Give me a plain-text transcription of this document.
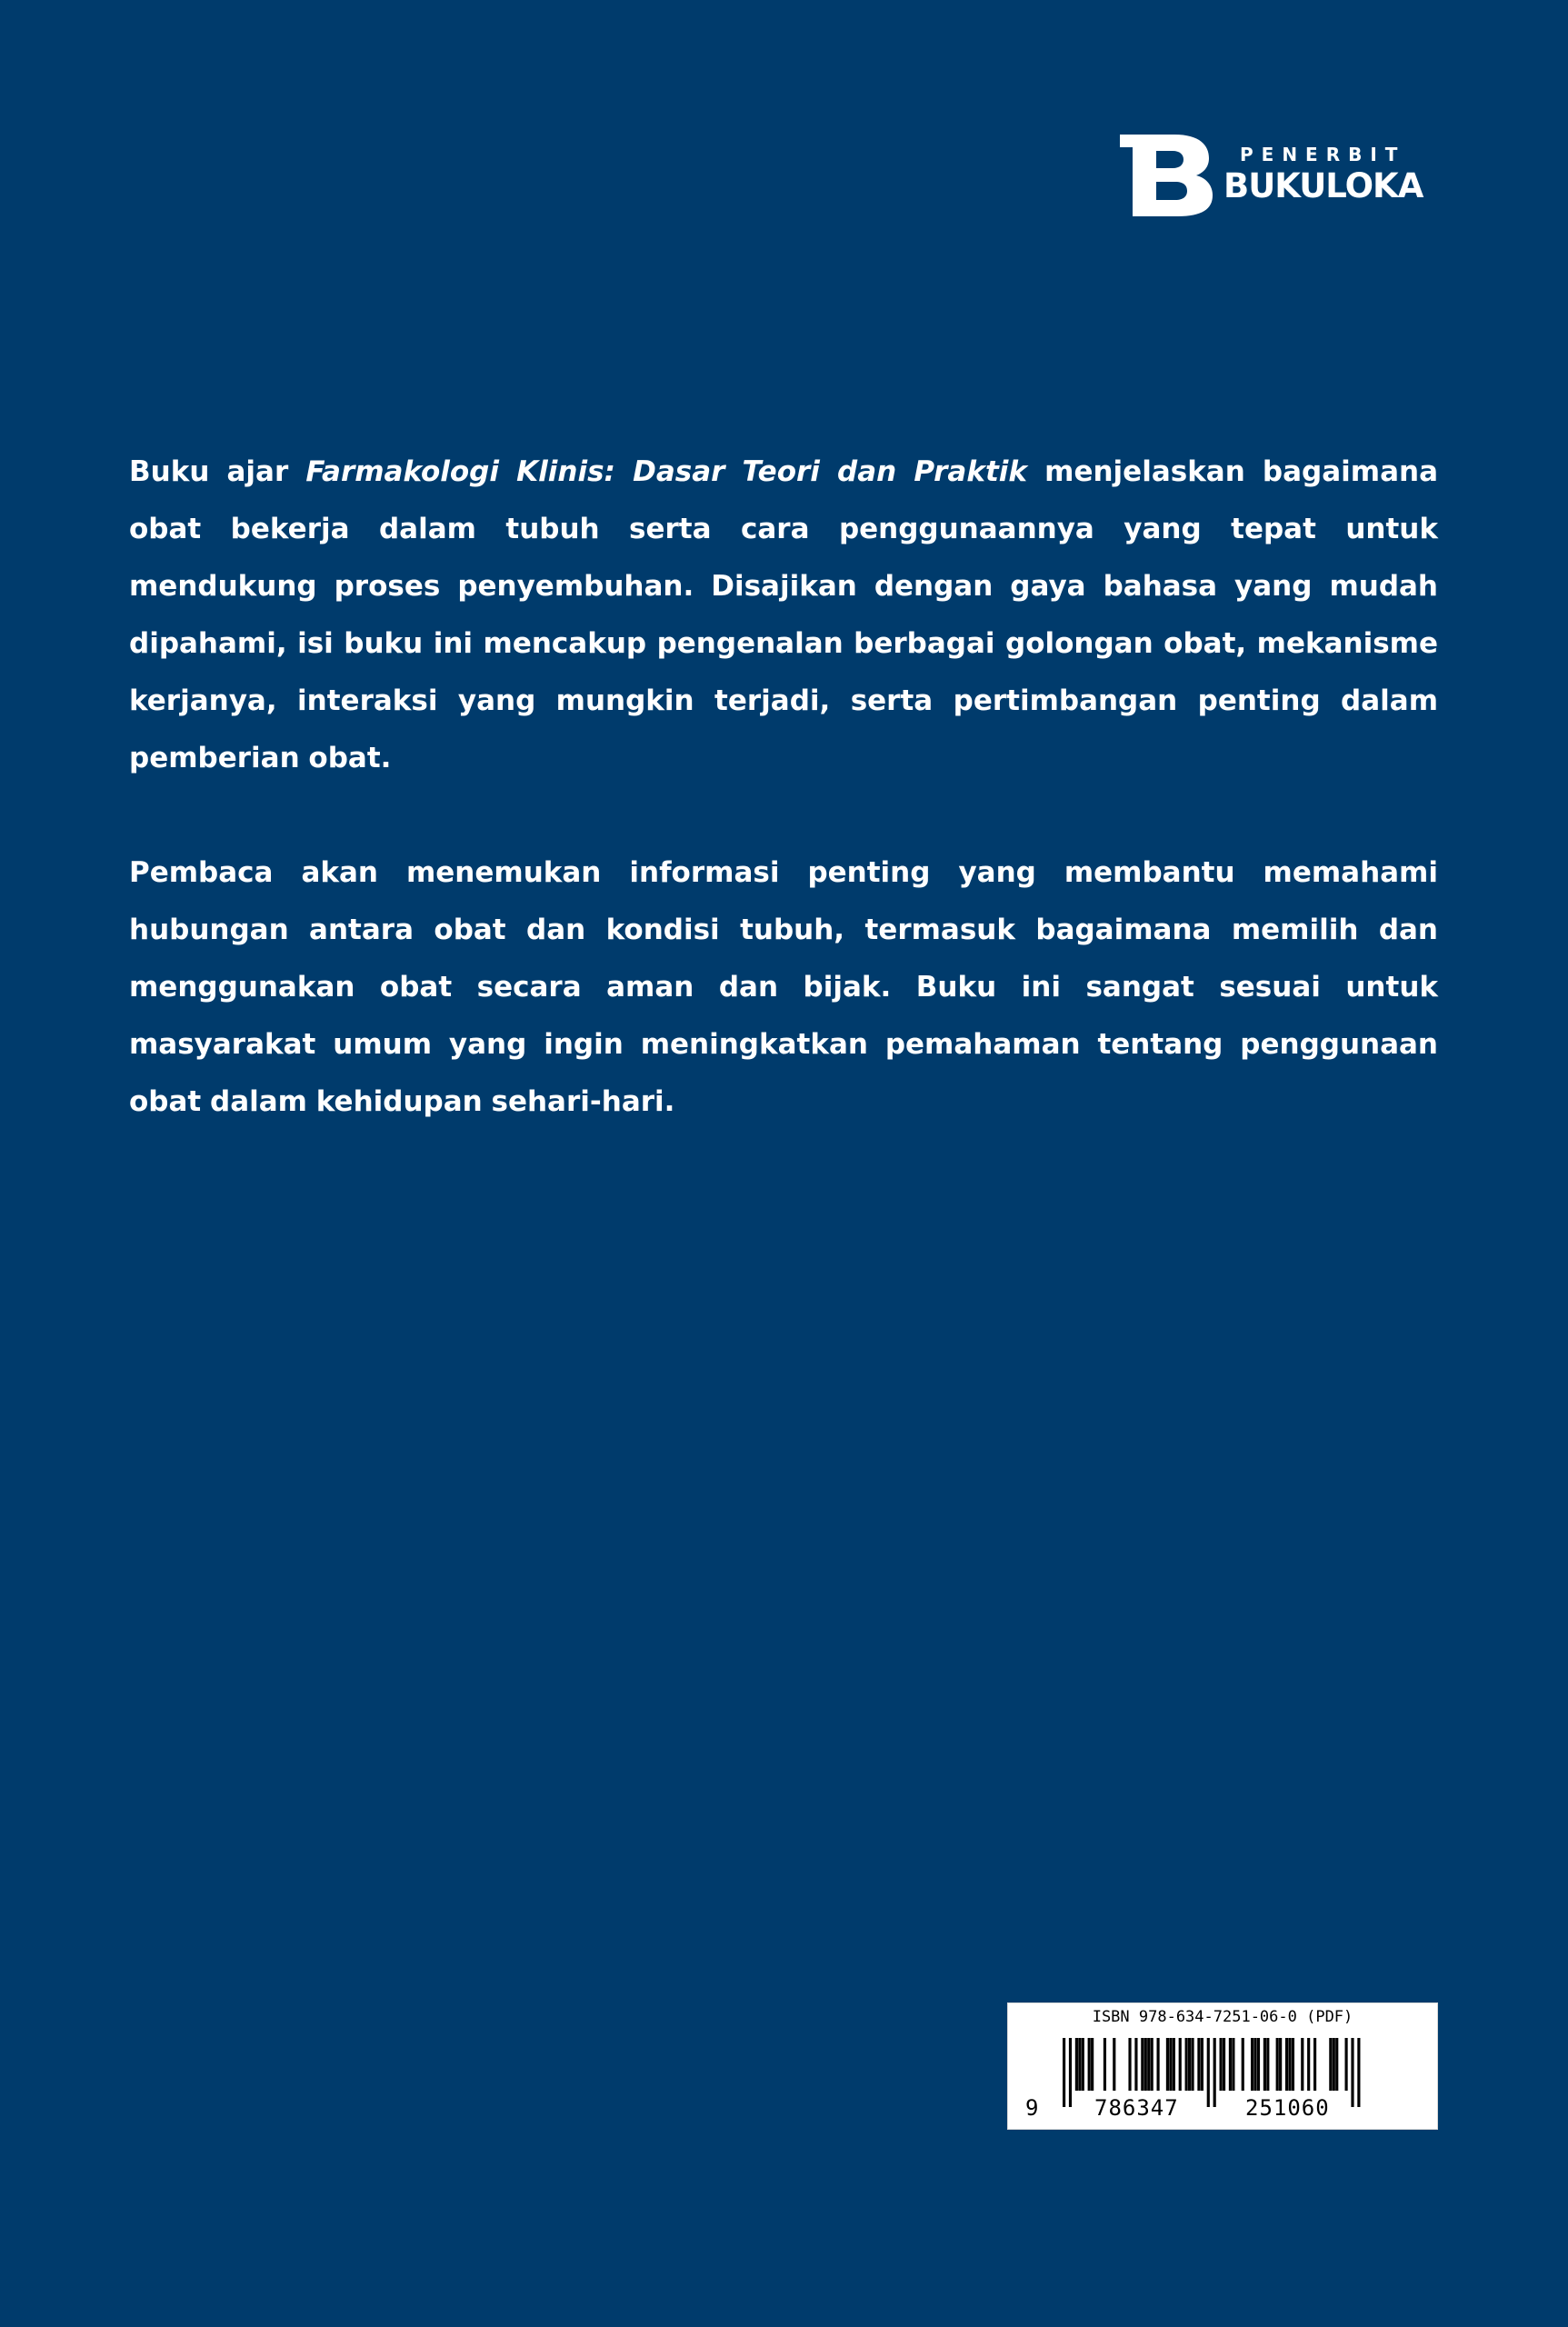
PENERBIT
BUKULOKA

Buku ajar Farmakologi Klinis: Dasar Teori dan Praktik menjelaskan bagaimana obat bekerja dalam tubuh serta cara penggunaannya yang tepat untuk mendukung proses penyembuhan. Disajikan dengan gaya bahasa yang mudah dipahami, isi buku ini mencakup pengenalan berbagai golongan obat, mekanisme kerjanya, interaksi yang mungkin terjadi, serta pertimbangan penting dalam pemberian obat.

Pembaca akan menemukan informasi penting yang membantu memahami hubungan antara obat dan kondisi tubuh, termasuk bagaimana memilih dan menggunakan obat secara aman dan bijak. Buku ini sangat sesuai untuk masyarakat umum yang ingin meningkatkan pemahaman tentang penggunaan obat dalam kehidupan sehari-hari.

ISBN 978-634-7251-06-0 (PDF)
9	786347	251060
